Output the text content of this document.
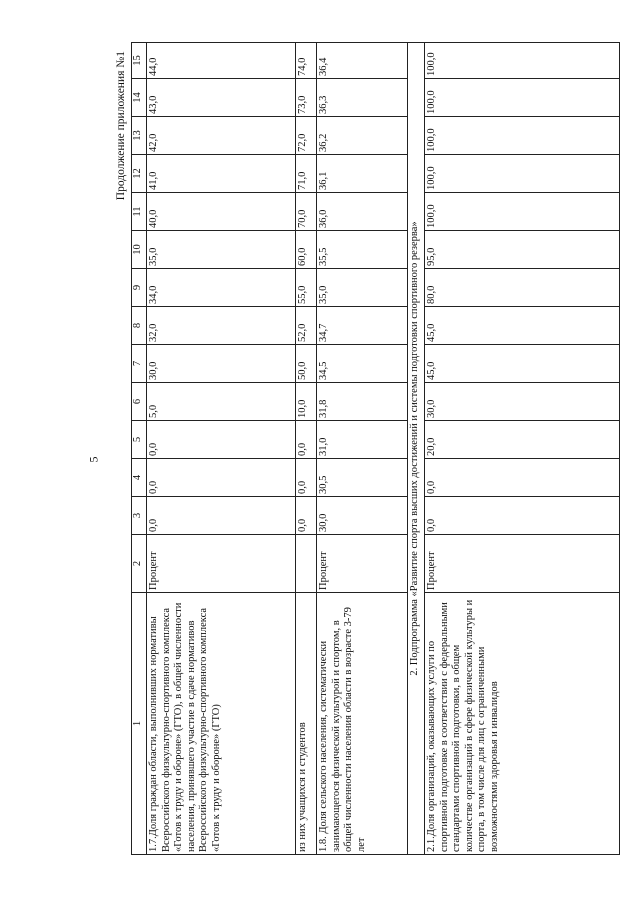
5
Продолжение приложения №1
1	2	3	4	5	6	7	8	9	10	11	12	13	14	15
1.7.Доля граждан области, выполнивших нормативы Всероссийского физкультурно-спортивного комплекса «Готов к труду и обороне» (ГТО), в общей численности населения, принявшего участие в сдаче нормативов Всероссийского физкультурно-спортивного комплекса «Готов к труду и обороне» (ГТО)	Процент	0,0	0,0	0,0	5,0	30,0	32,0	34,0	35,0	40,0	41,0	42,0	43,0	44,0
из них учащихся и студентов		0,0	0,0	0,0	10,0	50,0	52,0	55,0	60,0	70,0	71,0	72,0	73,0	74,0
1.8. Доля сельского населения, систематически занимающегося физической культурой и спортом, в общей численности населения области в возрасте 3-79 лет	Процент	30,0	30,5	31,0	31,8	34,5	34,7	35,0	35,5	36,0	36,1	36,2	36,3	36,4
2. Подпрограмма «Развитие спорта высших достижений и системы подготовки спортивного резерва»														
2.1.Доля организаций, оказывающих услуги по спортивной подготовке в соответствии с федеральными стандартами спортивной подготовки, в общем количестве организаций в сфере физической культуры и спорта, в том числе для лиц с ограниченными возможностями здоровья и инвалидов	Процент	0,0	0,0	20,0	30,0	45,0	45,0	80,0	95,0	100,0	100,0	100,0	100,0	100,0
